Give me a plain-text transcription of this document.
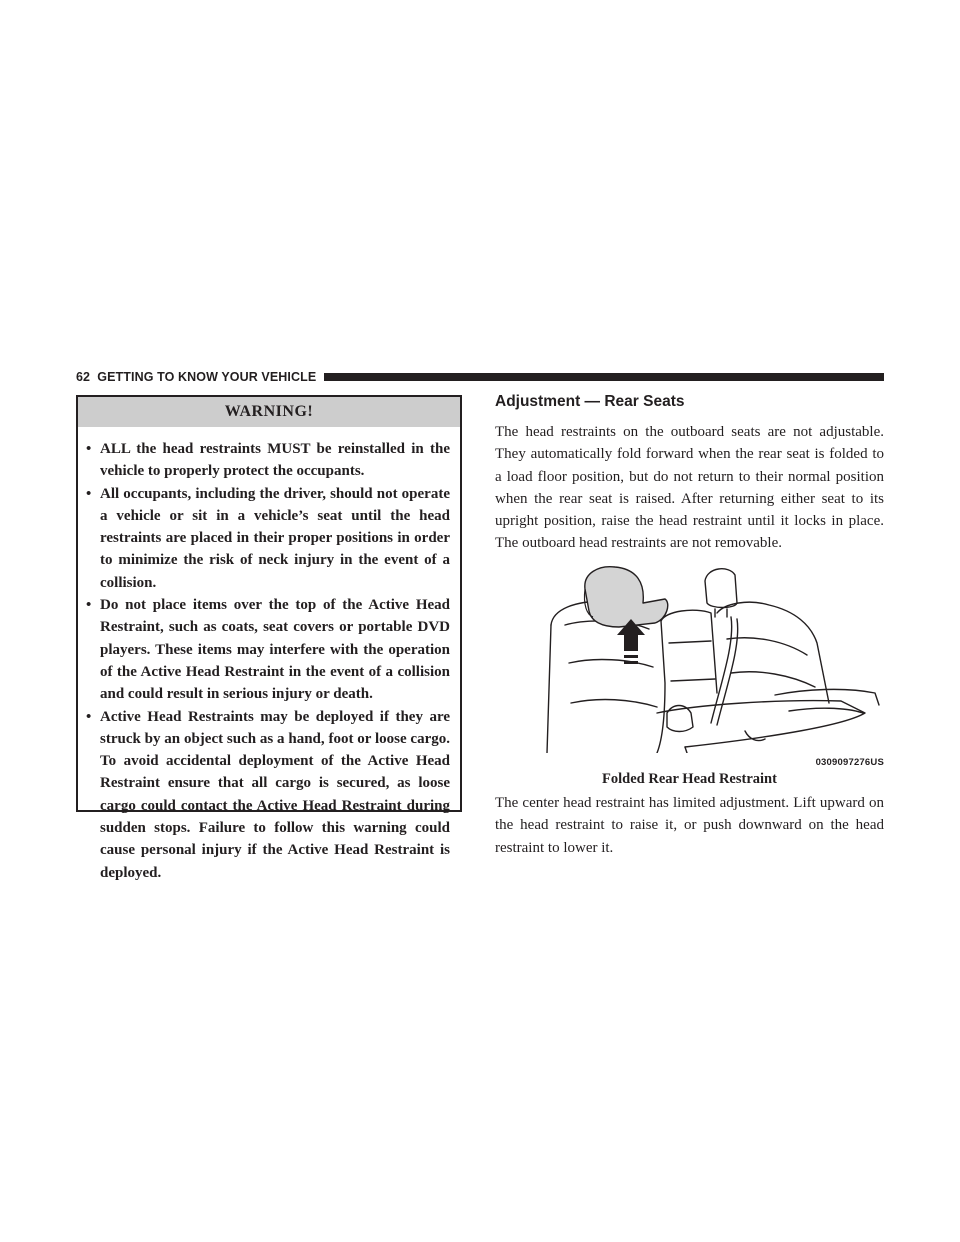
62 GETTING TO KNOW YOUR VEHICLE
WARNING!
• ALL the head restraints MUST be reinstalled in the vehicle to properly protect the occupants.
• All occupants, including the driver, should not operate a vehicle or sit in a vehicle’s seat until the head restraints are placed in their proper positions in order to minimize the risk of neck injury in the event of a collision.
• Do not place items over the top of the Active Head Restraint, such as coats, seat covers or portable DVD players. These items may interfere with the operation of the Active Head Restraint in the event of a collision and could result in serious injury or death.
• Active Head Restraints may be deployed if they are struck by an object such as a hand, foot or loose cargo. To avoid accidental deployment of the Active Head Restraint ensure that all cargo is secured, as loose cargo could contact the Active Head Restraint during sudden stops. Failure to follow this warning could cause personal injury if the Active Head Restraint is deployed.
Adjustment — Rear Seats

The head restraints on the outboard seats are not adjustable. They automatically fold forward when the rear seat is folded to a load floor position, but do not return to their normal position when the rear seat is raised. After returning either seat to its upright position, raise the head restraint until it locks in place. The outboard head restraints are not removable.

0309097276US
Folded Rear Head Restraint

The center head restraint has limited adjustment. Lift upward on the head restraint to raise it, or push downward on the head restraint to lower it.
